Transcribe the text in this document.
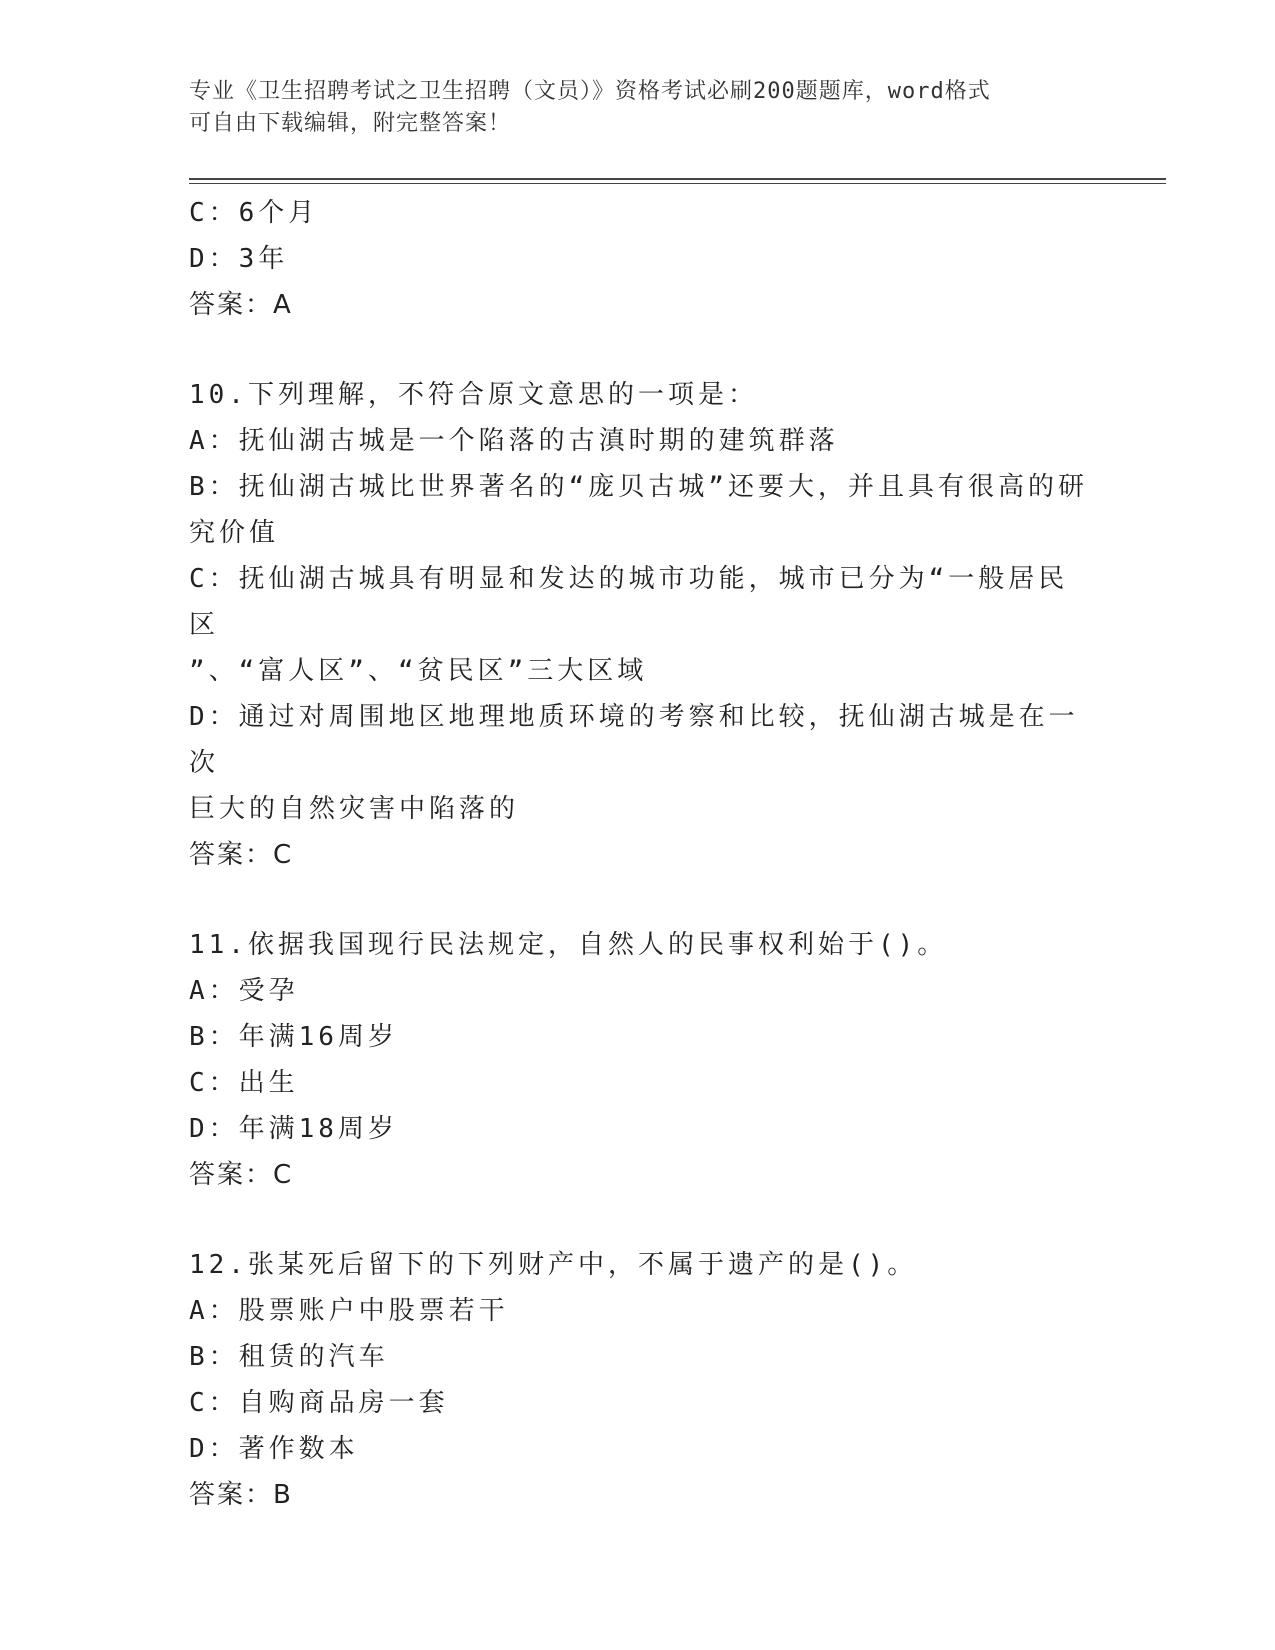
专业《卫生招聘考试之卫生招聘（文员）》资格考试必刷200题题库，word格式
可自由下载编辑，附完整答案！
C：6个月
D：3年
答案：A
10.下列理解，不符合原文意思的一项是：
A：抚仙湖古城是一个陷落的古滇时期的建筑群落
B：抚仙湖古城比世界著名的“庞贝古城”还要大，并且具有很高的研
究价值
C：抚仙湖古城具有明显和发达的城市功能，城市已分为“一般居民区
”、“富人区”、“贫民区”三大区域
D：通过对周围地区地理地质环境的考察和比较，抚仙湖古城是在一次
巨大的自然灾害中陷落的
答案：C
11.依据我国现行民法规定，自然人的民事权利始于()。
A：受孕
B：年满16周岁
C：出生
D：年满18周岁
答案：C
12.张某死后留下的下列财产中，不属于遗产的是()。
A：股票账户中股票若干
B：租赁的汽车
C：自购商品房一套
D：著作数本
答案：B
